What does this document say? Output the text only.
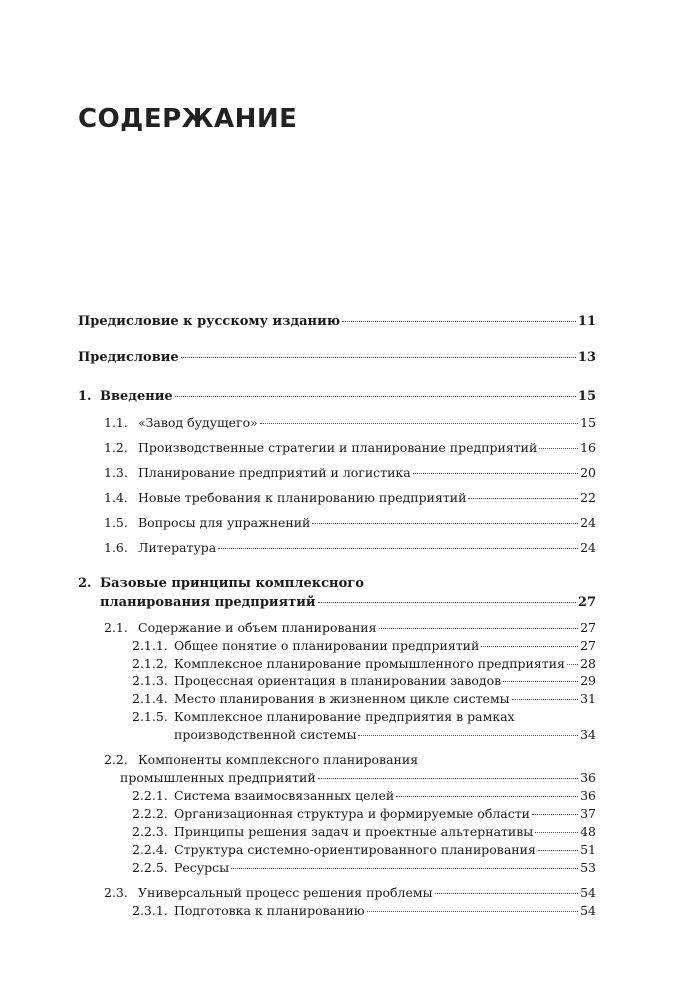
СОДЕРЖАНИЕ
Предисловие к русскому изданию	11
Предисловие	13
1. Введение	15
1.1. «Завод будущего»	15
1.2. Производственные стратегии и планирование предприятий	16
1.3. Планирование предприятий и логистика	20
1.4. Новые требования к планированию предприятий	22
1.5. Вопросы для упражнений	24
1.6. Литература	24
2. Базовые принципы комплексного
планирования предприятий	27
2.1. Содержание и объем планирования	27
2.1.1. Общее понятие о планировании предприятий	27
2.1.2. Комплексное планирование промышленного предприятия 28
2.1.3. Процессная ориентация в планировании заводов	29
2.1.4. Место планирования в жизненном цикле системы	31
2.1.5. Комплексное планирование предприятия в рамках
производственной системы	34
2.2. Компоненты комплексного планирования
промышленных предприятий	36
2.2.1. Система взаимосвязанных целей	36
2.2.2. Организационная структура и формируемые области	37
2.2.3. Принципы решения задач и проектные альтернативы	48
2.2.4. Структура системно-ориентированного планирования	51
2.2.5. Ресурсы	53
2.3. Универсальный процесс решения проблемы	54
2.3.1. Подготовка к планированию	54
